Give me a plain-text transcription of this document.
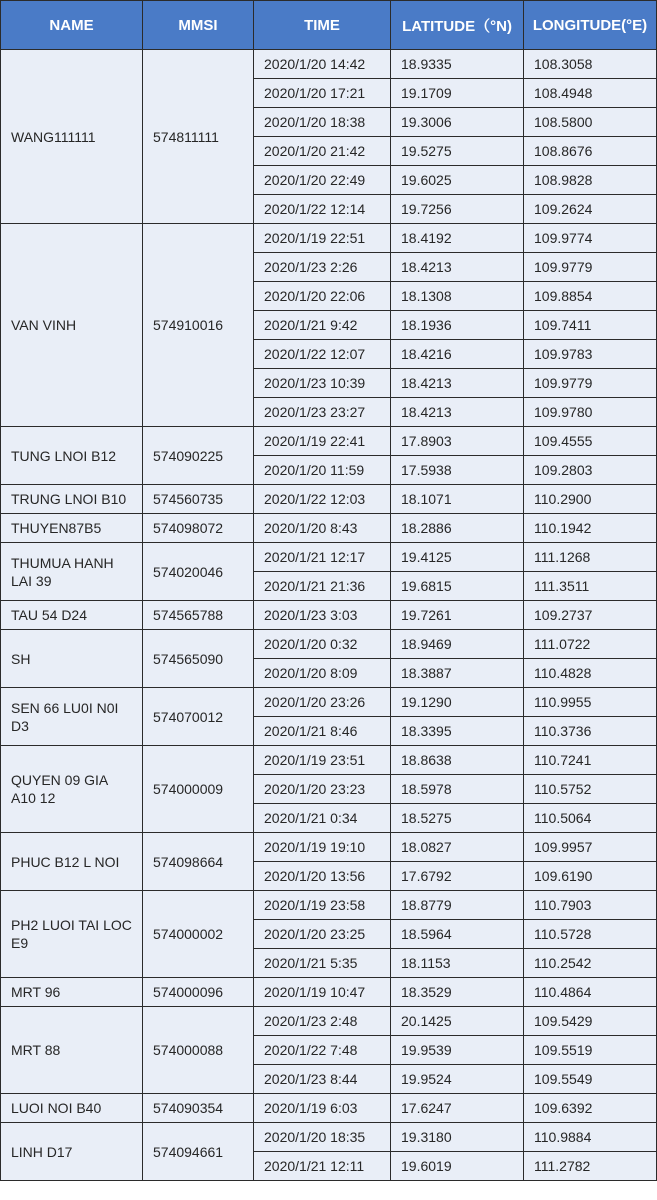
NAME	MMSI	TIME	LATITUDE（°N)	LONGITUDE(°E)
WANG111111	574811111	2020/1/20 14:42	18.9335	108.3058
		2020/1/20 17:21	19.1709	108.4948
		2020/1/20 18:38	19.3006	108.5800
		2020/1/20 21:42	19.5275	108.8676
		2020/1/20 22:49	19.6025	108.9828
		2020/1/22 12:14	19.7256	109.2624
VAN VINH	574910016	2020/1/19 22:51	18.4192	109.9774
		2020/1/23 2:26	18.4213	109.9779
		2020/1/20 22:06	18.1308	109.8854
		2020/1/21 9:42	18.1936	109.7411
		2020/1/22 12:07	18.4216	109.9783
		2020/1/23 10:39	18.4213	109.9779
		2020/1/23 23:27	18.4213	109.9780
TUNG LNOI B12	574090225	2020/1/19 22:41	17.8903	109.4555
		2020/1/20 11:59	17.5938	109.2803
TRUNG LNOI B10	574560735	2020/1/22 12:03	18.1071	110.2900
THUYEN87B5	574098072	2020/1/20 8:43	18.2886	110.1942
THUMUA HANH LAI 39	574020046	2020/1/21 12:17	19.4125	111.1268
		2020/1/21 21:36	19.6815	111.3511
TAU 54 D24	574565788	2020/1/23 3:03	19.7261	109.2737
SH	574565090	2020/1/20 0:32	18.9469	111.0722
		2020/1/20 8:09	18.3887	110.4828
SEN 66 LU0I N0I D3	574070012	2020/1/20 23:26	19.1290	110.9955
		2020/1/21 8:46	18.3395	110.3736
QUYEN 09 GIA A10 12	574000009	2020/1/19 23:51	18.8638	110.7241
		2020/1/20 23:23	18.5978	110.5752
		2020/1/21 0:34	18.5275	110.5064
PHUC B12 L NOI	574098664	2020/1/19 19:10	18.0827	109.9957
		2020/1/20 13:56	17.6792	109.6190
PH2 LUOI TAI LOC E9	574000002	2020/1/19 23:58	18.8779	110.7903
		2020/1/20 23:25	18.5964	110.5728
		2020/1/21 5:35	18.1153	110.2542
MRT 96	574000096	2020/1/19 10:47	18.3529	110.4864
MRT 88	574000088	2020/1/23 2:48	20.1425	109.5429
		2020/1/22 7:48	19.9539	109.5519
		2020/1/23 8:44	19.9524	109.5549
LUOI NOI B40	574090354	2020/1/19 6:03	17.6247	109.6392
LINH D17	574094661	2020/1/20 18:35	19.3180	110.9884
		2020/1/21 12:11	19.6019	111.2782
